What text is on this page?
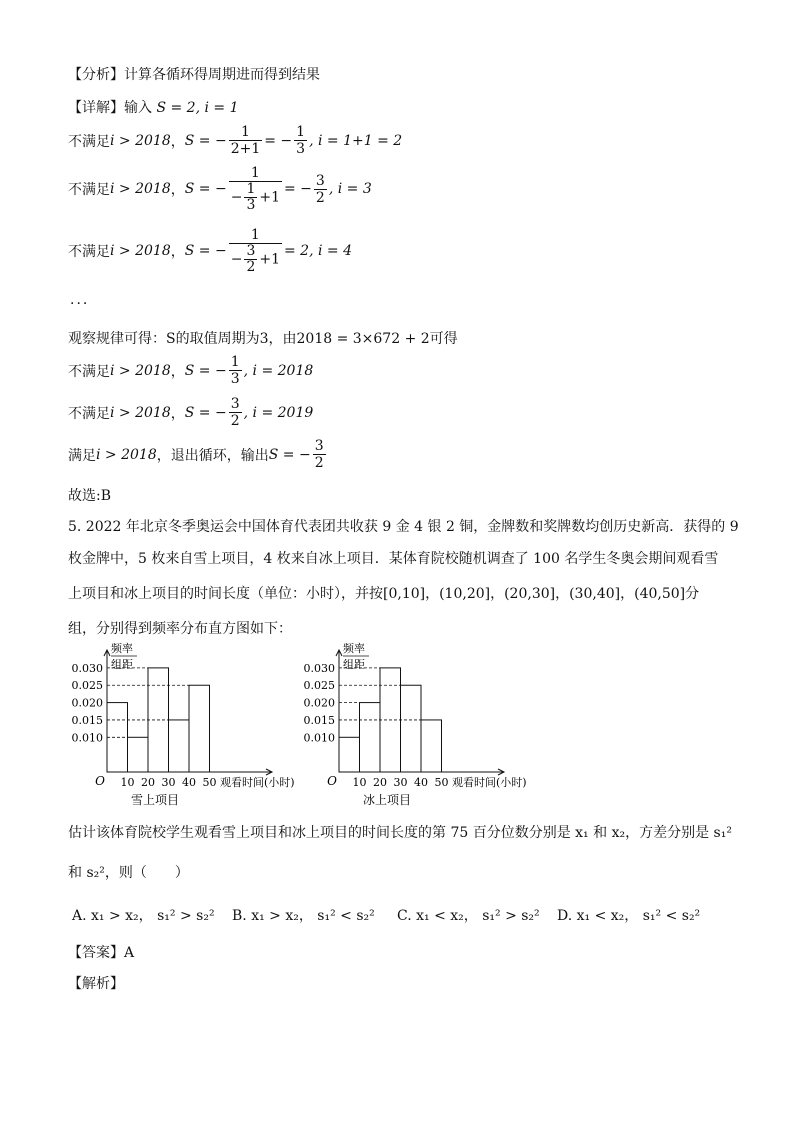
【分析】计算各循环得周期进而得到结果
【详解】输入 S = 2, i = 1
不满足 i > 2018 ， S = − $\frac{1}{2+1}$ = − $\frac{1}{3}$ , i = 1+1 = 2
不满足 i > 2018 ， S = − $\frac{1}{- \frac{1}{3} +1}$ = − $\frac{3}{2}$ , i = 3
不满足 i > 2018 ， S = − $\frac{1}{- \frac{3}{2} +1} = 2$, i = 4
···
观察规律可得：S的取值周期为3，由2018 = 3×672 + 2可得
不满足 i > 2018 ， S = − $\frac{1}{3}$ , i = 2018
不满足 i > 2018 ， S = − $\frac{3}{2}$ , i = 2019
满足 i > 2018 ，退出循环，输出 S = − $\frac{3}{2}$
故选:B
5. 2022 年北京冬季奥运会中国体育代表团共收获 9 金 4 银 2 铜，金牌数和奖牌数均创历史新高．获得的 9
枚金牌中，5 枚来自雪上项目，4 枚来自冰上项目．某体育院校随机调查了 100 名学生冬奥会期间观看雪
上项目和冰上项目的时间长度（单位：小时），并按[0,10]，(10,20]，(20,30]，(30,40]，(40,50]分
组，分别得到频率分布直方图如下：
频率
组距
0.030
0.025
0.020
0.015
0.010
O 10 20 30 40 50 观看时间(小时)
雪上项目
频率
组距
0.030
0.025
0.020
0.015
0.010
O 10 20 30 40 50 观看时间(小时)
冰上项目
估计该体育院校学生观看雪上项目和冰上项目的时间长度的第 75 百分位数分别是 x₁ 和 x₂，方差分别是 s₁²
和 s₂²，则（　　）
A. x₁ > x₂， s₁² > s₂² B. x₁ > x₂， s₁² < s₂² C. x₁ < x₂， s₁² > s₂² D. x₁ < x₂， s₁² < s₂²
【答案】A
【解析】
